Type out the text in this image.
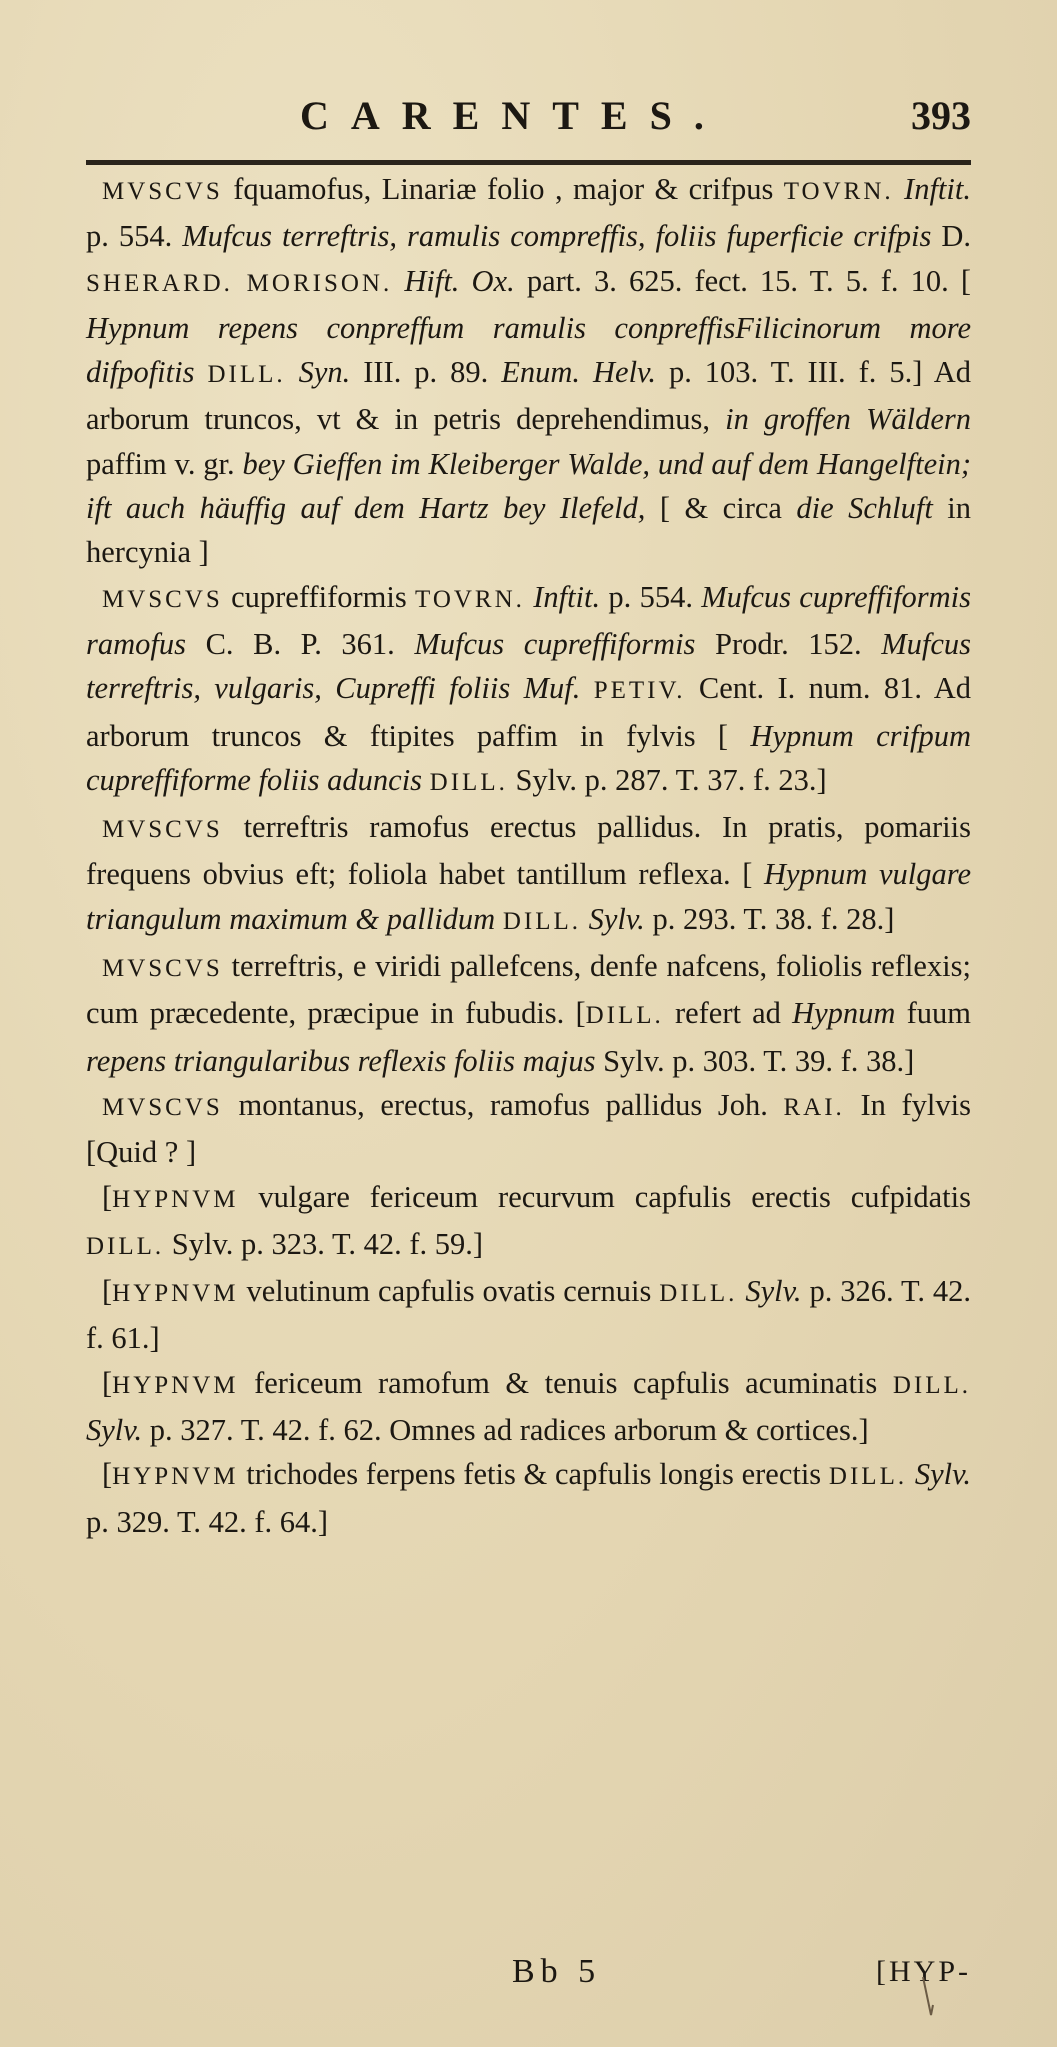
CARENTES.	393

MVSCVS fquamofus, Linariæ folio , major & crifpus TOVRN. Inftit. p. 554. Mufcus terreftris, ramulis compreffis, foliis fuperficie crifpis D. SHERARD. MORISON. Hift. Ox. part. 3. 625. fect. 15. T. 5. f. 10. [ Hypnum repens conpreffum ramulis conpreffisFilicinorum more difpofitis DILL. Syn. III. p. 89. Enum. Helv. p. 103. T. III. f. 5.] Ad arborum truncos, vt & in petris deprehendimus, in groffen Wäldern paffim v. gr. bey Gieffen im Kleiberger Walde, und auf dem Hangelftein; ift auch häuffig auf dem Hartz bey Ilefeld, [ & circa die Schluft in hercynia ]

MVSCVS cupreffiformis TOVRN. Inftit. p. 554. Mufcus cupreffiformis ramofus C. B. P. 361. Mufcus cupreffiformis Prodr. 152. Mufcus terreftris, vulgaris, Cupreffi foliis Muf. PETIV. Cent. I. num. 81. Ad arborum truncos & ftipites paffim in fylvis [ Hypnum crifpum cupreffiforme foliis aduncis DILL. Sylv. p. 287. T. 37. f. 23.]

MVSCVS terreftris ramofus erectus pallidus. In pratis, pomariis frequens obvius eft; foliola habet tantillum reflexa. [ Hypnum vulgare triangulum maximum & pallidum DILL. Sylv. p. 293. T. 38. f. 28.]

MVSCVS terreftris, e viridi pallefcens, denfe nafcens, foliolis reflexis; cum præcedente, præcipue in fubudis. [DILL. refert ad Hypnum fuum repens triangularibus reflexis foliis majus Sylv. p. 303. T. 39. f. 38.]

MVSCVS montanus, erectus, ramofus pallidus Joh. RAI. In fylvis [Quid ? ]

[HYPNVM vulgare fericeum recurvum capfulis erectis cufpidatis DILL. Sylv. p. 323. T. 42. f. 59.]

[HYPNVM velutinum capfulis ovatis cernuis DILL. Sylv. p. 326. T. 42. f. 61.]

[HYPNVM fericeum ramofum & tenuis capfulis acuminatis DILL. Sylv. p. 327. T. 42. f. 62. Omnes ad radices arborum & cortices.]

[HYPNVM trichodes ferpens fetis & capfulis longis erectis DILL. Sylv. p. 329. T. 42. f. 64.]

Bb 5	[HYP-
